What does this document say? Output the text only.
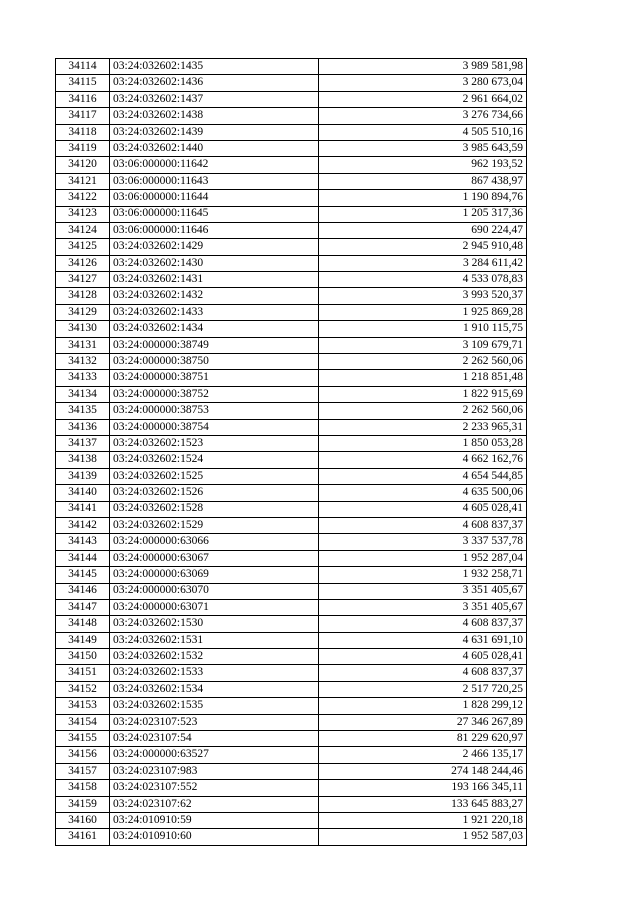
34114	03:24:032602:1435	3 989 581,98
34115	03:24:032602:1436	3 280 673,04
34116	03:24:032602:1437	2 961 664,02
34117	03:24:032602:1438	3 276 734,66
34118	03:24:032602:1439	4 505 510,16
34119	03:24:032602:1440	3 985 643,59
34120	03:06:000000:11642	962 193,52
34121	03:06:000000:11643	867 438,97
34122	03:06:000000:11644	1 190 894,76
34123	03:06:000000:11645	1 205 317,36
34124	03:06:000000:11646	690 224,47
34125	03:24:032602:1429	2 945 910,48
34126	03:24:032602:1430	3 284 611,42
34127	03:24:032602:1431	4 533 078,83
34128	03:24:032602:1432	3 993 520,37
34129	03:24:032602:1433	1 925 869,28
34130	03:24:032602:1434	1 910 115,75
34131	03:24:000000:38749	3 109 679,71
34132	03:24:000000:38750	2 262 560,06
34133	03:24:000000:38751	1 218 851,48
34134	03:24:000000:38752	1 822 915,69
34135	03:24:000000:38753	2 262 560,06
34136	03:24:000000:38754	2 233 965,31
34137	03:24:032602:1523	1 850 053,28
34138	03:24:032602:1524	4 662 162,76
34139	03:24:032602:1525	4 654 544,85
34140	03:24:032602:1526	4 635 500,06
34141	03:24:032602:1528	4 605 028,41
34142	03:24:032602:1529	4 608 837,37
34143	03:24:000000:63066	3 337 537,78
34144	03:24:000000:63067	1 952 287,04
34145	03:24:000000:63069	1 932 258,71
34146	03:24:000000:63070	3 351 405,67
34147	03:24:000000:63071	3 351 405,67
34148	03:24:032602:1530	4 608 837,37
34149	03:24:032602:1531	4 631 691,10
34150	03:24:032602:1532	4 605 028,41
34151	03:24:032602:1533	4 608 837,37
34152	03:24:032602:1534	2 517 720,25
34153	03:24:032602:1535	1 828 299,12
34154	03:24:023107:523	27 346 267,89
34155	03:24:023107:54	81 229 620,97
34156	03:24:000000:63527	2 466 135,17
34157	03:24:023107:983	274 148 244,46
34158	03:24:023107:552	193 166 345,11
34159	03:24:023107:62	133 645 883,27
34160	03:24:010910:59	1 921 220,18
34161	03:24:010910:60	1 952 587,03
